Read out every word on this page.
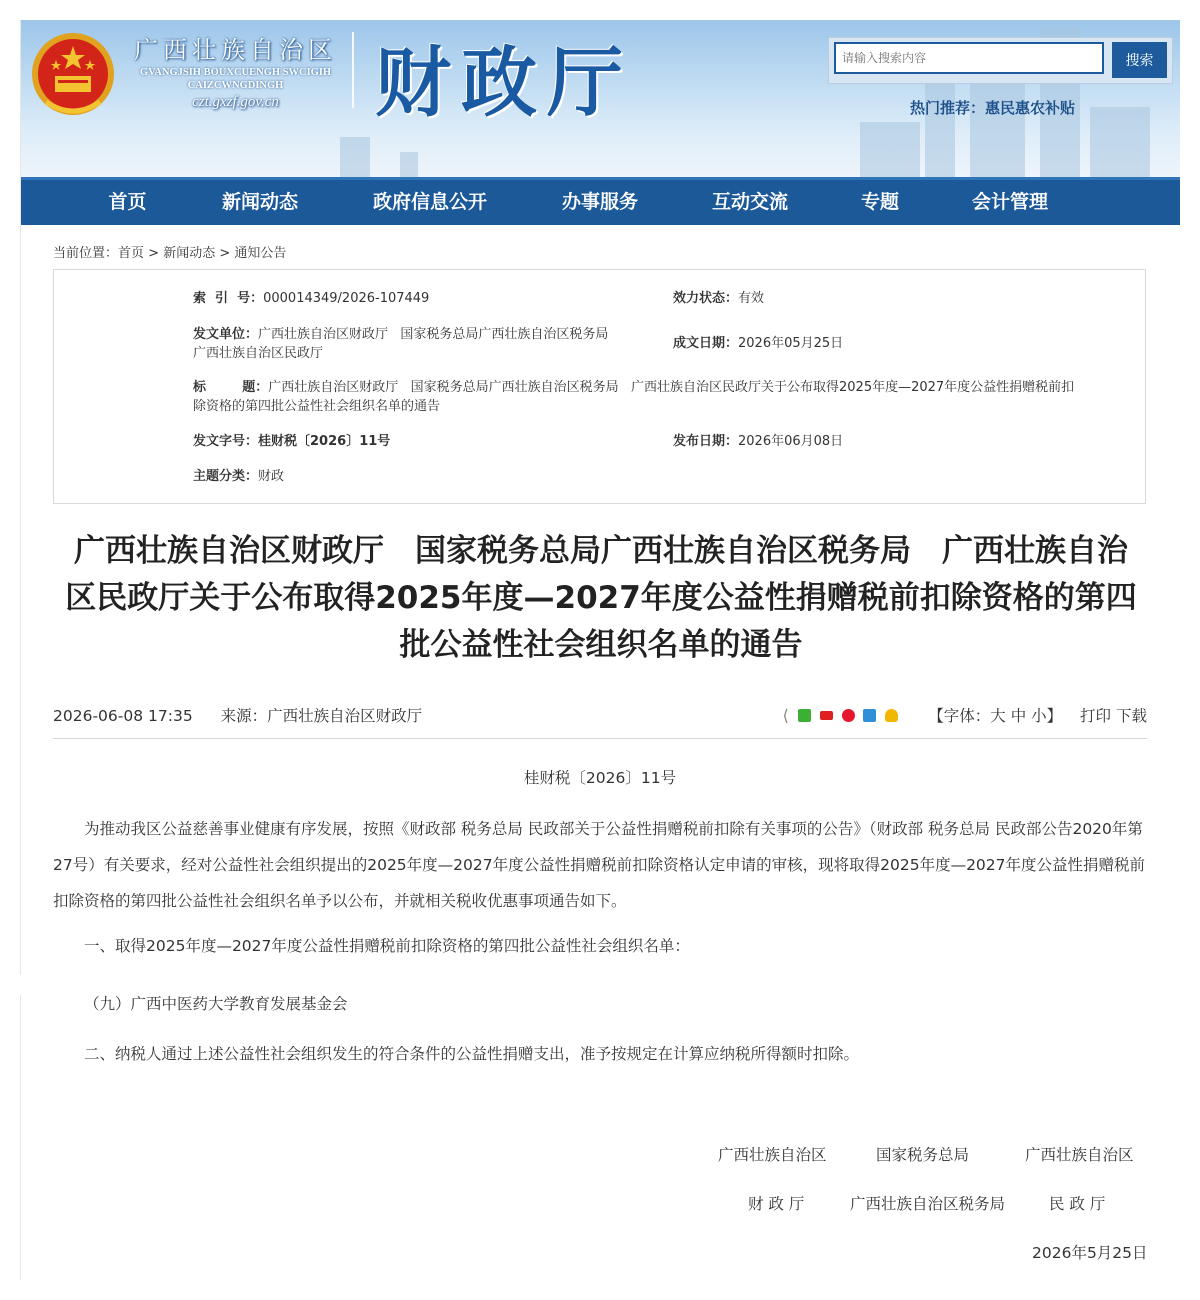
广西壮族自治区
GVANGJSIH BOUXCUENGH SWCIGIH
CAIZCWNGDINGH
czt.gxzf.gov.cn	财政厅
请输入搜索内容	搜索
热门推荐：惠民惠农补贴
首页	新闻动态	政府信息公开	办事服务	互动交流	专题	会计管理
当前位置：首页 > 新闻动态 > 通知公告
索  引  号：000014349/2026-107449	效力状态：有效
发文单位：广西壮族自治区财政厅   国家税务总局广西壮族自治区税务局
广西壮族自治区民政厅
成文日期：2026年05月25日
标        题：广西壮族自治区财政厅   国家税务总局广西壮族自治区税务局   广西壮族自治区民政厅关于公布取得2025年度—2027年度公益性捐赠税前扣
除资格的第四批公益性社会组织名单的通告
发文字号：桂财税〔2026〕11号	发布日期：2026年06月08日
主题分类：财政
广西壮族自治区财政厅　国家税务总局广西壮族自治区税务局　广西壮族自治
区民政厅关于公布取得2025年度—2027年度公益性捐赠税前扣除资格的第四
批公益性社会组织名单的通告
2026-06-08 17:35 来源：广西壮族自治区财政厅	⟨	【字体：大 中 小】 打印 下载
桂财税〔2026〕11号
为推动我区公益慈善事业健康有序发展，按照《财政部 税务总局 民政部关于公益性捐赠税前扣除有关事项的公告》（财政部 税务总局 民政部公告2020年第27号）有关要求，经对公益性社会组织提出的2025年度—2027年度公益性捐赠税前扣除资格认定申请的审核，现将取得2025年度—2027年度公益性捐赠税前扣除资格的第四批公益性社会组织名单予以公布，并就相关税收优惠事项通告如下。
一、取得2025年度—2027年度公益性捐赠税前扣除资格的第四批公益性社会组织名单：
（九）广西中医药大学教育发展基金会
二、纳税人通过上述公益性社会组织发生的符合条件的公益性捐赠支出，准予按规定在计算应纳税所得额时扣除。
广西壮族自治区	国家税务总局	广西壮族自治区
财 政 厅	广西壮族自治区税务局	民 政 厅
2026年5月25日
